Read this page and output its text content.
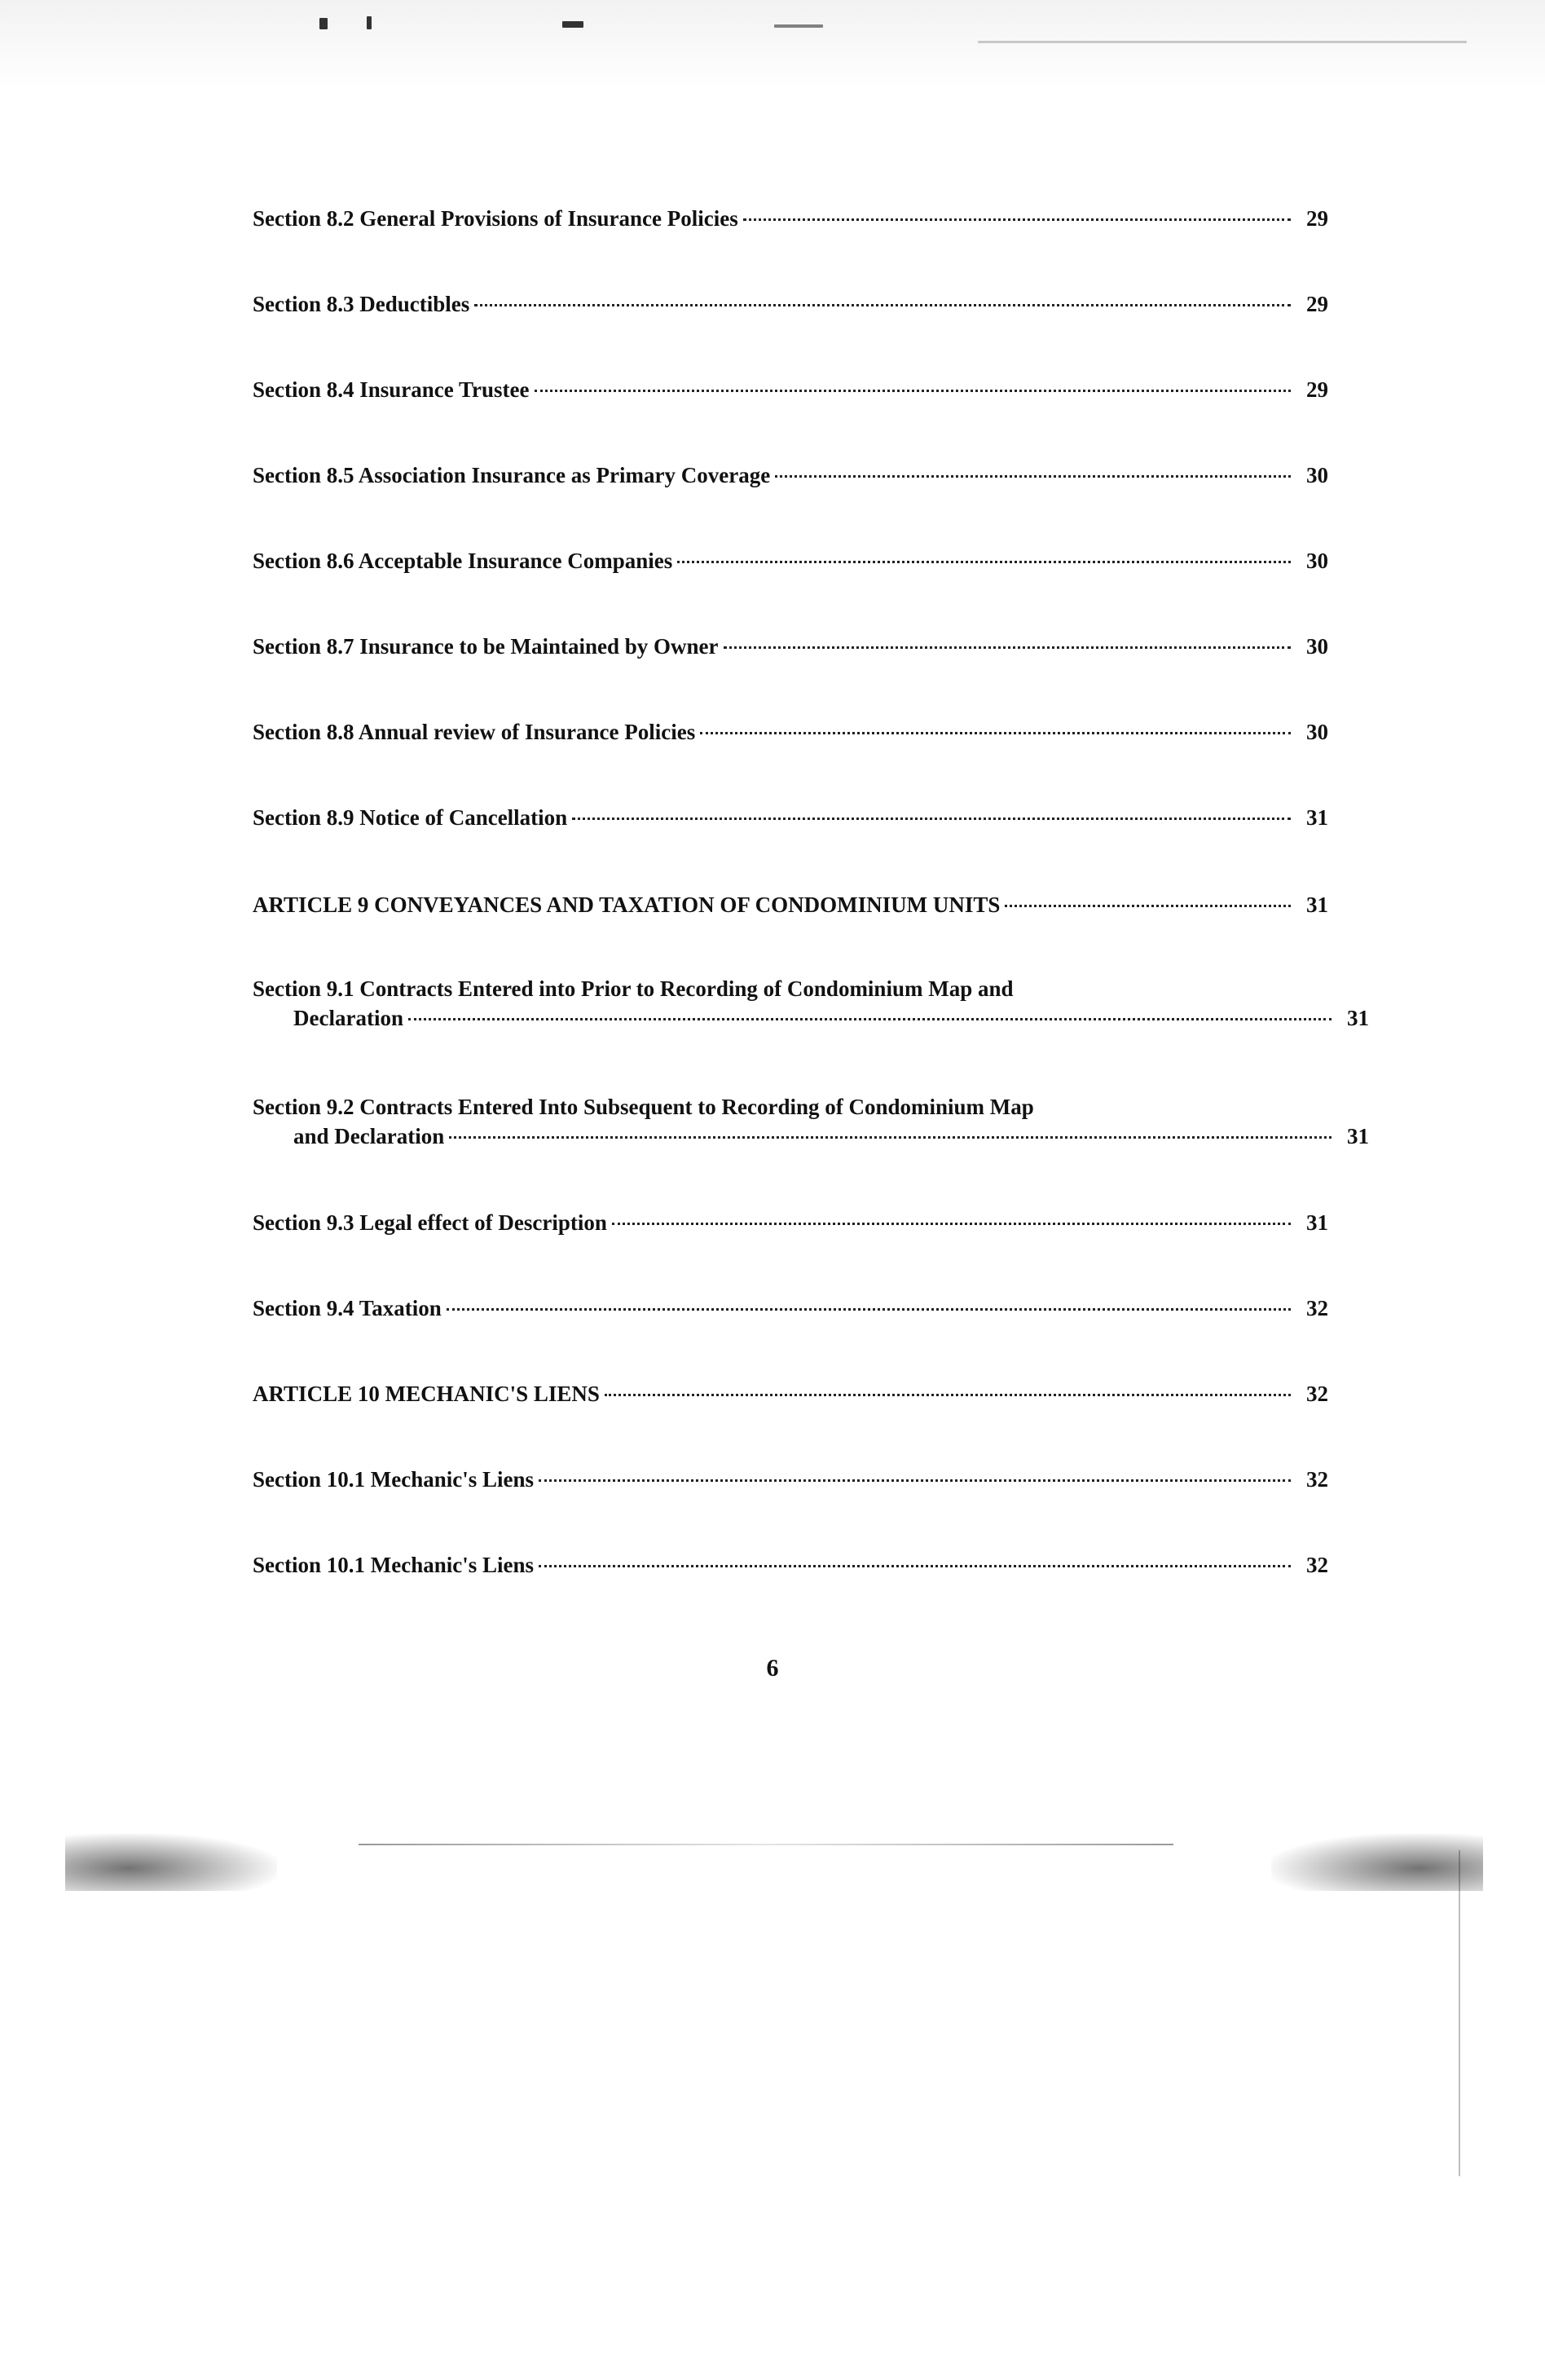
Section 8.2 General Provisions of Insurance Policies	29
Section 8.3 Deductibles	29
Section 8.4 Insurance Trustee	29
Section 8.5 Association Insurance as Primary Coverage	30
Section 8.6 Acceptable Insurance Companies	30
Section 8.7 Insurance to be Maintained by Owner	30
Section 8.8 Annual review of Insurance Policies	30
Section 8.9 Notice of Cancellation	31
ARTICLE 9 CONVEYANCES AND TAXATION OF CONDOMINIUM UNITS	31
Section 9.1 Contracts Entered into Prior to Recording of Condominium Map and
Declaration	31
Section 9.2 Contracts Entered Into Subsequent to Recording of Condominium Map
and Declaration	31
Section 9.3 Legal effect of Description	31
Section 9.4 Taxation	32
ARTICLE 10 MECHANIC'S LIENS	32
Section 10.1 Mechanic's Liens	32
Section 10.1 Mechanic's Liens	32
6
